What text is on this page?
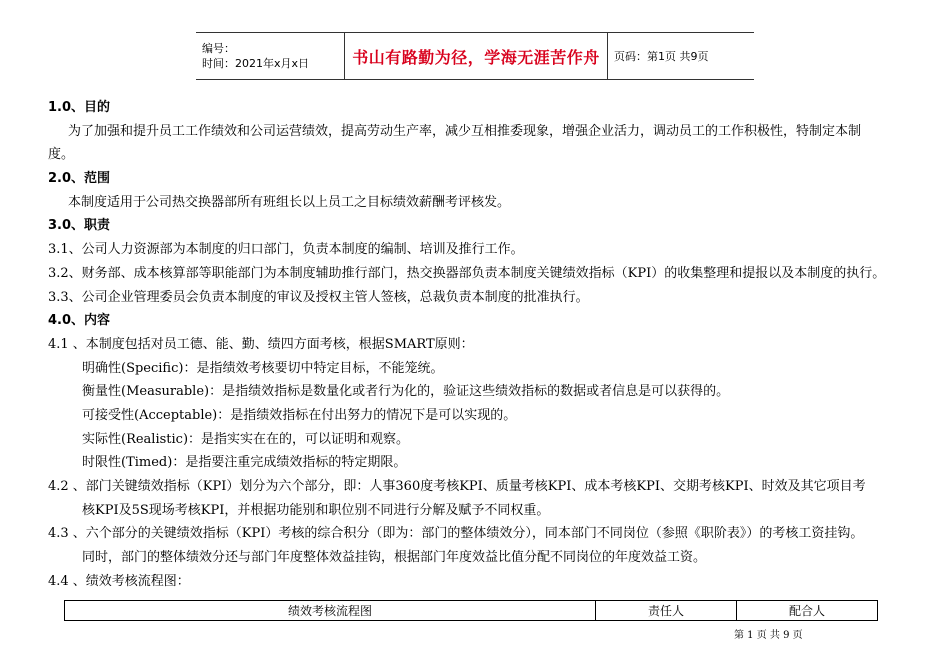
编号：
时间：2021年x月x日	书山有路勤为径，学海无涯苦作舟	页码：第1页 共9页
1.0、目的
为了加强和提升员工工作绩效和公司运营绩效，提高劳动生产率，减少互相推委现象，增强企业活力，调动员工的工作积极性，特制定本制
度。
2.0、范围
本制度适用于公司热交换器部所有班组长以上员工之目标绩效薪酬考评核发。
3.0、职责
3.1、公司人力资源部为本制度的归口部门，负责本制度的编制、培训及推行工作。
3.2、财务部、成本核算部等职能部门为本制度辅助推行部门，热交换器部负责本制度关键绩效指标（KPI）的收集整理和提报以及本制度的执行。
3.3、公司企业管理委员会负责本制度的审议及授权主管人签核，总裁负责本制度的批准执行。
4.0、内容
4.1 、本制度包括对员工德、能、勤、绩四方面考核，根据SMART原则：
明确性(Specific)：是指绩效考核要切中特定目标，不能笼统。
衡量性(Measurable)：是指绩效指标是数量化或者行为化的，验证这些绩效指标的数据或者信息是可以获得的。
可接受性(Acceptable)：是指绩效指标在付出努力的情况下是可以实现的。
实际性(Realistic)：是指实实在在的，可以证明和观察。
时限性(Timed)：是指要注重完成绩效指标的特定期限。
4.2 、部门关键绩效指标（KPI）划分为六个部分，即：人事360度考核KPI、质量考核KPI、成本考核KPI、交期考核KPI、时效及其它项目考
核KPI及5S现场考核KPI，并根据功能别和职位别不同进行分解及赋予不同权重。
4.3 、六个部分的关键绩效指标（KPI）考核的综合积分（即为：部门的整体绩效分），同本部门不同岗位（参照《职阶表》）的考核工资挂钩。
同时，部门的整体绩效分还与部门年度整体效益挂钩，根据部门年度效益比值分配不同岗位的年度效益工资。
4.4 、绩效考核流程图：
绩效考核流程图	责任人	配合人
第 1 页 共 9 页
